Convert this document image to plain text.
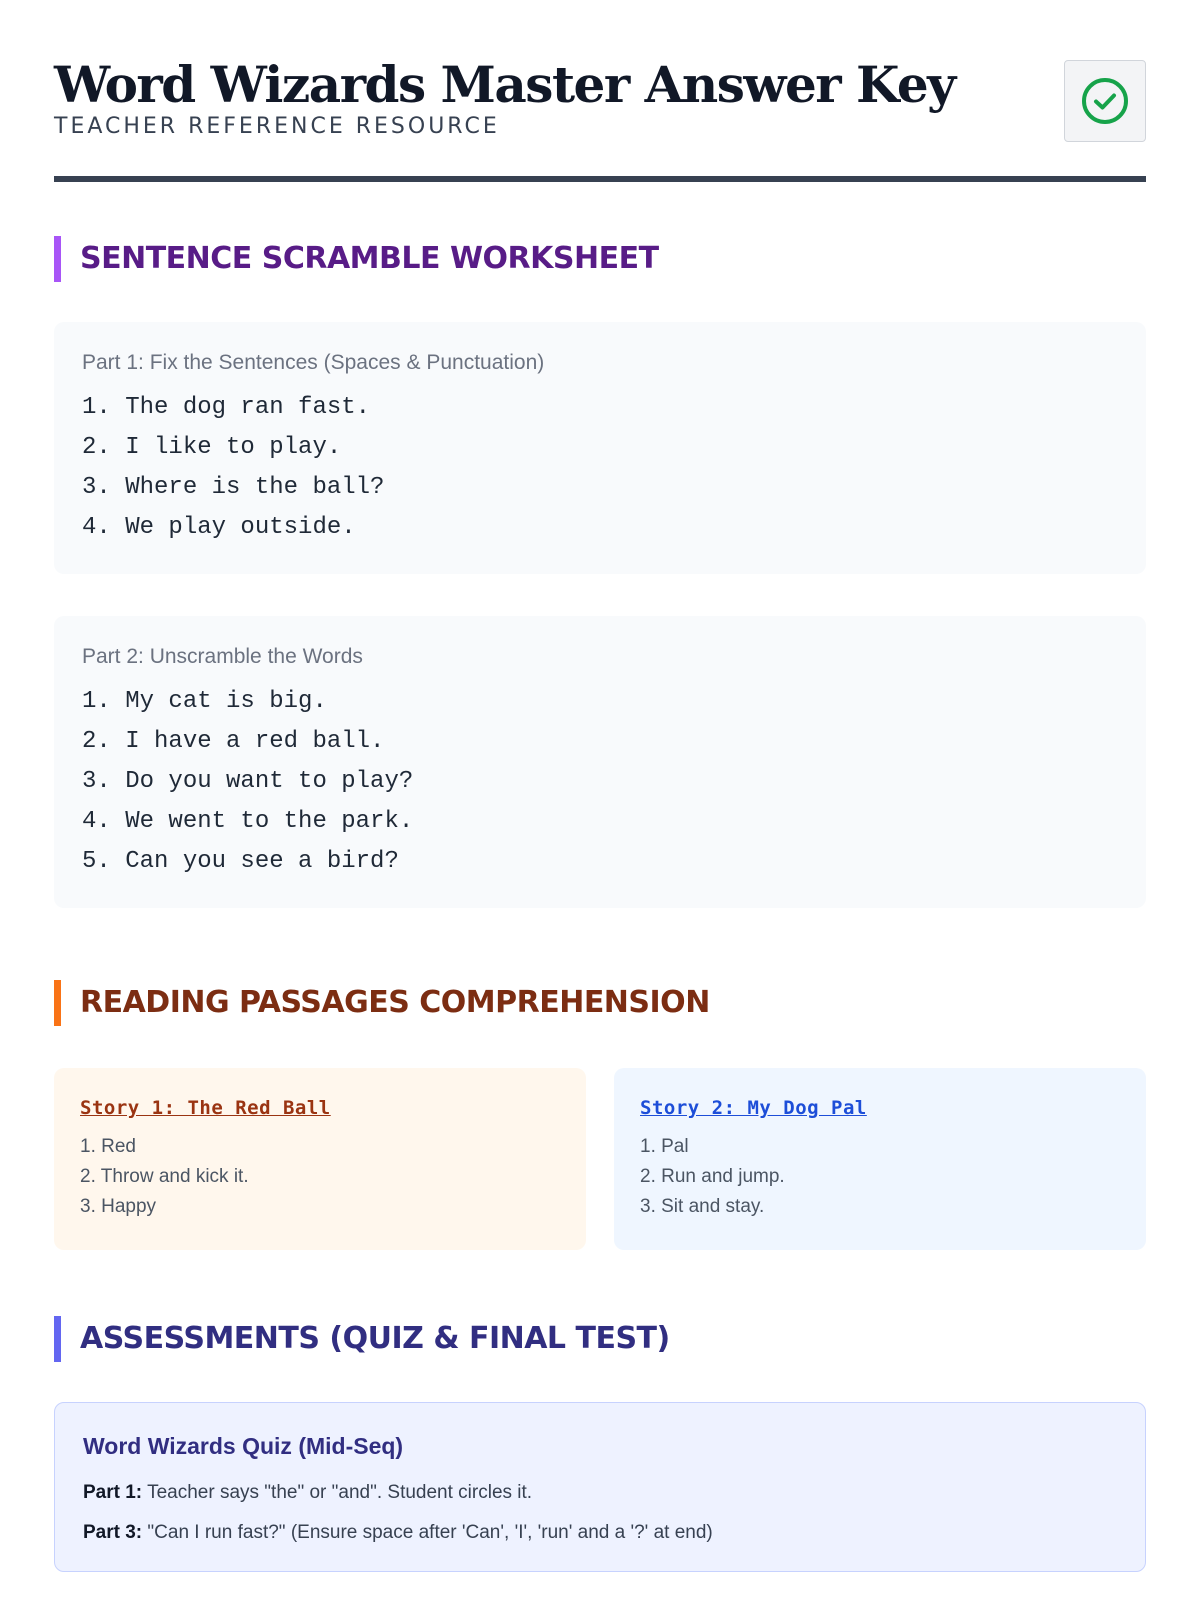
Word Wizards Master Answer Key
TEACHER REFERENCE RESOURCE
SENTENCE SCRAMBLE WORKSHEET
Part 1: Fix the Sentences (Spaces & Punctuation)
1. The dog ran fast.
2. I like to play.
3. Where is the ball?
4. We play outside.
Part 2: Unscramble the Words
1. My cat is big.
2. I have a red ball.
3. Do you want to play?
4. We went to the park.
5. Can you see a bird?
READING PASSAGES COMPREHENSION
Story 1: The Red Ball
1. Red
2. Throw and kick it.
3. Happy
Story 2: My Dog Pal
1. Pal
2. Run and jump.
3. Sit and stay.
ASSESSMENTS (QUIZ & FINAL TEST)
Word Wizards Quiz (Mid-Seq)
Part 1: Teacher says "the" or "and". Student circles it.
Part 3: "Can I run fast?" (Ensure space after 'Can', 'I', 'run' and a '?' at end)
